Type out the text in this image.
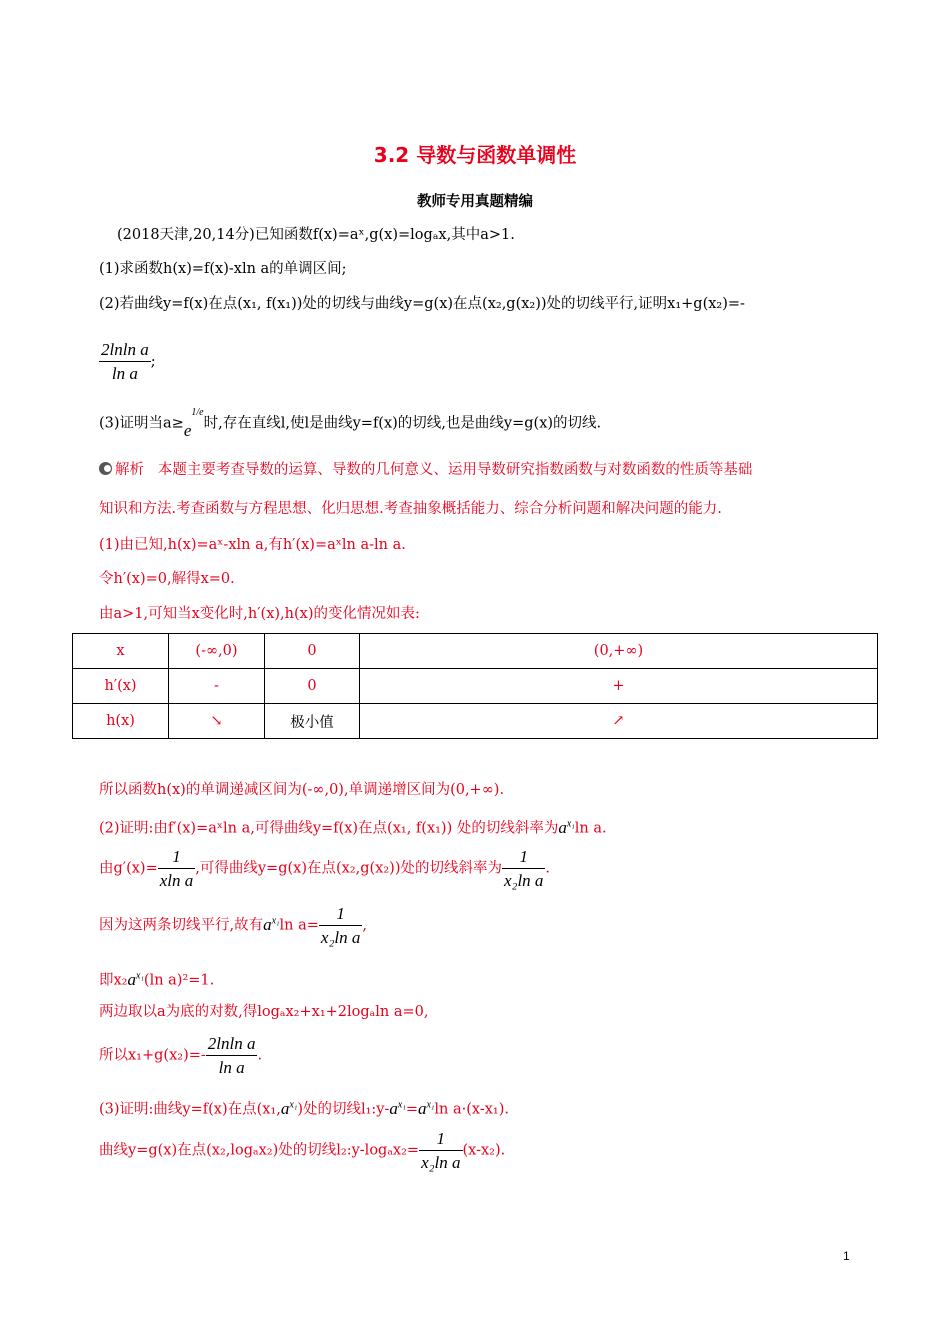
3.2 导数与函数单调性
教师专用真题精编
(2018天津,20,14分)已知函数f(x)=aˣ,g(x)=logₐx,其中a>1.
(1)求函数h(x)=f(x)-xln a的单调区间;
(2)若曲线y=f(x)在点(x₁, f(x₁))处的切线与曲线y=g(x)在点(x₂,g(x₂))处的切线平行,证明x₁+g(x₂)=-
$\frac{\text{2lnln a}}{\text{ln a}}$ ;
(3)证明当$a\ge e^{1/e}$时,存在直线l,使l是曲线y=f(x)的切线,也是曲线y=g(x)的切线.
解析 本题主要考查导数的运算、导数的几何意义、运用导数研究指数函数与对数函数的性质等基础
知识和方法.考查函数与方程思想、化归思想.考查抽象概括能力、综合分析问题和解决问题的能力.
(1)由已知,h(x)=aˣ-xln a,有h′(x)=aˣln a-ln a.
令h′(x)=0,解得x=0.
由a>1,可知当x变化时,h′(x),h(x)的变化情况如表:
x	(-∞,0)	0	(0,+∞)
h′(x)	-	0	+
h(x)	↘	极小值	↗
所以函数h(x)的单调递减区间为(-∞,0),单调递增区间为(0,+∞).
(2)证明:由f′(x)=aˣln a,可得曲线y=f(x)在点(x₁, f(x₁)) 处的切线斜率为$a^{x_1}\ln$ a.
由$g'(x)= \frac{1}{\text{xln a}}$ ,可得曲线y=g(x)在点(x₂,g(x₂))处的切线斜率为 $\frac{1}{\text{x₂ln a}}$ .
因为这两条切线平行,故有$a^{x_1}\ln$ $a= \frac{1}{\text{x₂ln a}}$ ,
即$x_2a^{x_1}(\ln$ a)²=1.
两边取以a为底的对数,得logₐx₂+x₁+2logₐln a=0,
所以$x_1+g(x_2)=- \frac{\text{2lnln a}}{\text{ln a}}$ .
(3)证明:曲线y=f(x)在点$(x_1,a^{x_1})$处的切线$l_1:y-a^{x_1}=a^{x_1}\ln$ a·(x-x₁).
曲线y=g(x)在点(x₂,logₐx₂)处的切线l₂:y-logₐx₂= $\frac{1}{\text{x₂ln a}} (x-x_2)$.
1
